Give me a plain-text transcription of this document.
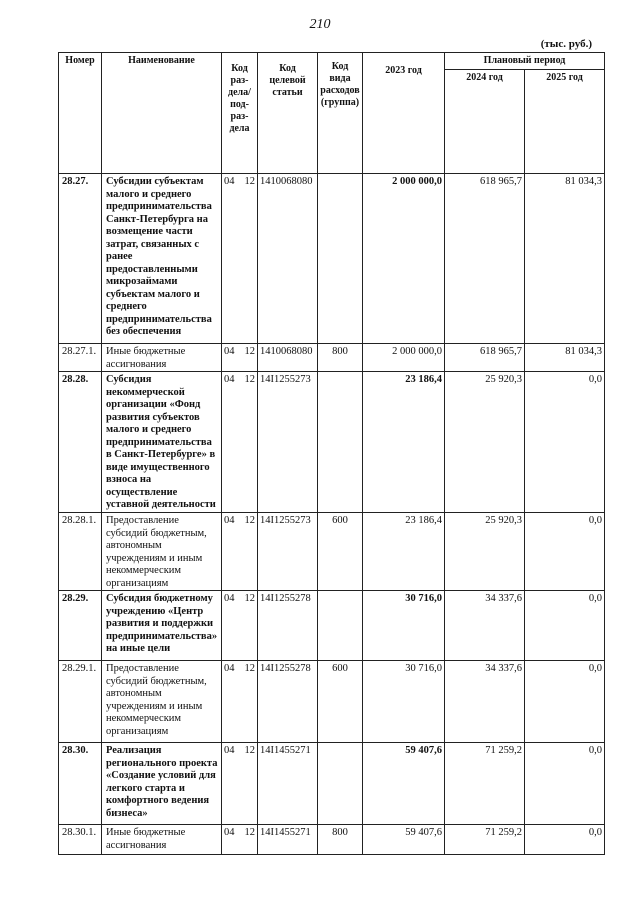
210
(тыс. руб.)
Номер	Наименование	Код раз-дела/ под-раз-дела	Код целевой статьи	Код вида расходов (группа)	2023 год	Плановый период	

						2024 год	2025 год

28.27.	Субсидии субъектам малого и среднего предпринимательства Санкт-Петербурга на возмещение части затрат, связанных с ранее предоставленными микрозаймами субъектам малого и среднего предпринимательства без обеспечения	04 12	1410068080		2 000 000,0	618 965,7	81 034,3
28.27.1.	Иные бюджетные ассигнования	04 12	1410068080	800	2 000 000,0	618 965,7	81 034,3
28.28.	Субсидия некоммерческой организации «Фонд развития субъектов малого и среднего предпринимательства в Санкт-Петербурге» в виде имущественного взноса на осуществление уставной деятельности	04 12	14I1255273		23 186,4	25 920,3	0,0
28.28.1.	Предоставление субсидий бюджетным, автономным учреждениям и иным некоммерческим организациям	04 12	14I1255273	600	23 186,4	25 920,3	0,0
28.29.	Субсидия бюджетному учреждению «Центр развития и поддержки предпринимательства» на иные цели	04 12	14I1255278		30 716,0	34 337,6	0,0
28.29.1.	Предоставление субсидий бюджетным, автономным учреждениям и иным некоммерческим организациям	04 12	14I1255278	600	30 716,0	34 337,6	0,0
28.30.	Реализация регионального проекта «Создание условий для легкого старта и комфортного ведения бизнеса»	04 12	14I1455271		59 407,6	71 259,2	0,0
28.30.1.	Иные бюджетные ассигнования	04 12	14I1455271	800	59 407,6	71 259,2	0,0
